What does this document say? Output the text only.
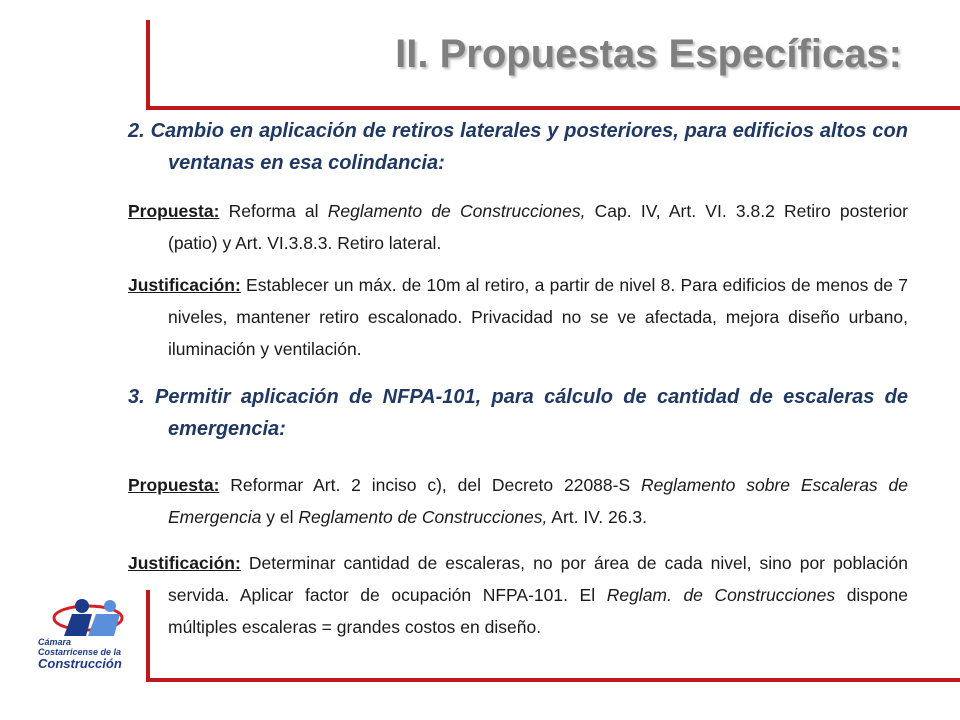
II. Propuestas Específicas:

2. Cambio en aplicación de retiros laterales y posteriores, para edificios altos con ventanas en esa colindancia:

Propuesta: Reforma al Reglamento de Construcciones, Cap. IV, Art. VI. 3.8.2 Retiro posterior (patio) y Art. VI.3.8.3. Retiro lateral.

Justificación: Establecer un máx. de 10m al retiro, a partir de nivel 8. Para edificios de menos de 7 niveles, mantener retiro escalonado. Privacidad no se ve afectada, mejora diseño urbano, iluminación y ventilación.

3. Permitir aplicación de NFPA-101, para cálculo de cantidad de escaleras de emergencia:

Propuesta: Reformar Art. 2 inciso c), del Decreto 22088-S Reglamento sobre Escaleras de Emergencia y el Reglamento de Construcciones, Art. IV. 26.3.

Justificación: Determinar cantidad de escaleras, no por área de cada nivel, sino por población servida. Aplicar factor de ocupación NFPA-101. El Reglam. de Construcciones dispone múltiples escaleras = grandes costos en diseño.

Cámara
Costarricense de la
Construcción
